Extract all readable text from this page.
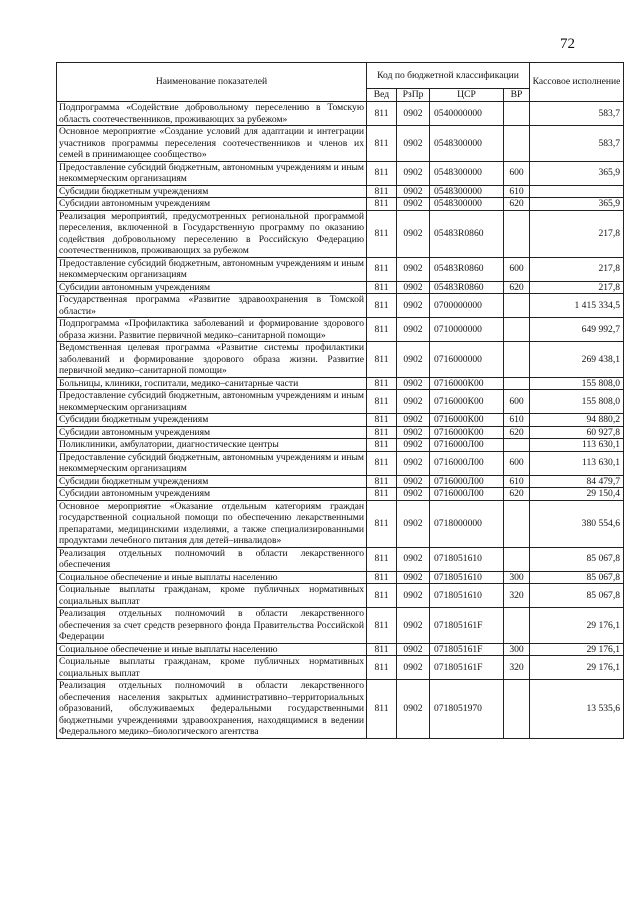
72
Наименование показателей	Код по бюджетной классификации				Кассовое исполнение
	Вед	РзПр	ЦСР	ВР	
Подпрограмма «Содействие добровольному переселению в Томскую область соотечественников, проживающих за рубежом»	811	0902	0540000000		583,7
Основное мероприятие «Создание условий для адаптации и интеграции участников программы переселения соотечественников и членов их семей в принимающее сообщество»	811	0902	0548300000		583,7
Предоставление субсидий бюджетным, автономным учреждениям и иным некоммерческим организациям	811	0902	0548300000	600	365,9
Субсидии бюджетным учреждениям	811	0902	0548300000	610	
Субсидии автономным учреждениям	811	0902	0548300000	620	365,9
Реализация мероприятий, предусмотренных региональной программой переселения, включенной в Государственную программу по оказанию содействия добровольному переселению в Российскую Федерацию соотечественников, проживающих за рубежом	811	0902	05483R0860		217,8
Предоставление субсидий бюджетным, автономным учреждениям и иным некоммерческим организациям	811	0902	05483R0860	600	217,8
Субсидии автономным учреждениям	811	0902	05483R0860	620	217,8
Государственная программа «Развитие здравоохранения в Томской области»	811	0902	0700000000		1 415 334,5
Подпрограмма «Профилактика заболеваний и формирование здорового образа жизни. Развитие первичной медико–санитарной помощи»	811	0902	0710000000		649 992,7
Ведомственная целевая программа «Развитие системы профилактики заболеваний и формирование здорового образа жизни. Развитие первичной медико–санитарной помощи»	811	0902	0716000000		269 438,1
Больницы, клиники, госпитали, медико–санитарные части	811	0902	0716000К00		155 808,0
Предоставление субсидий бюджетным, автономным учреждениям и иным некоммерческим организациям	811	0902	0716000К00	600	155 808,0
Субсидии бюджетным учреждениям	811	0902	0716000К00	610	94 880,2
Субсидии автономным учреждениям	811	0902	0716000К00	620	60 927,8
Поликлиники, амбулатории, диагностические центры	811	0902	0716000Л00		113 630,1
Предоставление субсидий бюджетным, автономным учреждениям и иным некоммерческим организациям	811	0902	0716000Л00	600	113 630,1
Субсидии бюджетным учреждениям	811	0902	0716000Л00	610	84 479,7
Субсидии автономным учреждениям	811	0902	0716000Л00	620	29 150,4
Основное мероприятие «Оказание отдельным категориям граждан государственной социальной помощи по обеспечению лекарственными препаратами, медицинскими изделиями, а также специализированными продуктами лечебного питания для детей–инвалидов»	811	0902	0718000000		380 554,6
Реализация отдельных полномочий в области лекарственного обеспечения	811	0902	0718051610		85 067,8
Социальное обеспечение и иные выплаты населению	811	0902	0718051610	300	85 067,8
Социальные выплаты гражданам, кроме публичных нормативных социальных выплат	811	0902	0718051610	320	85 067,8
Реализация отдельных полномочий в области лекарственного обеспечения за счет средств резервного фонда Правительства Российской Федерации	811	0902	071805161F		29 176,1
Социальное обеспечение и иные выплаты населению	811	0902	071805161F	300	29 176,1
Социальные выплаты гражданам, кроме публичных нормативных социальных выплат	811	0902	071805161F	320	29 176,1
Реализация отдельных полномочий в области лекарственного обеспечения населения закрытых административно–территориальных образований, обслуживаемых федеральными государственными бюджетными учреждениями здравоохранения, находящимися в ведении Федерального медико–биологического агентства	811	0902	0718051970		13 535,6
